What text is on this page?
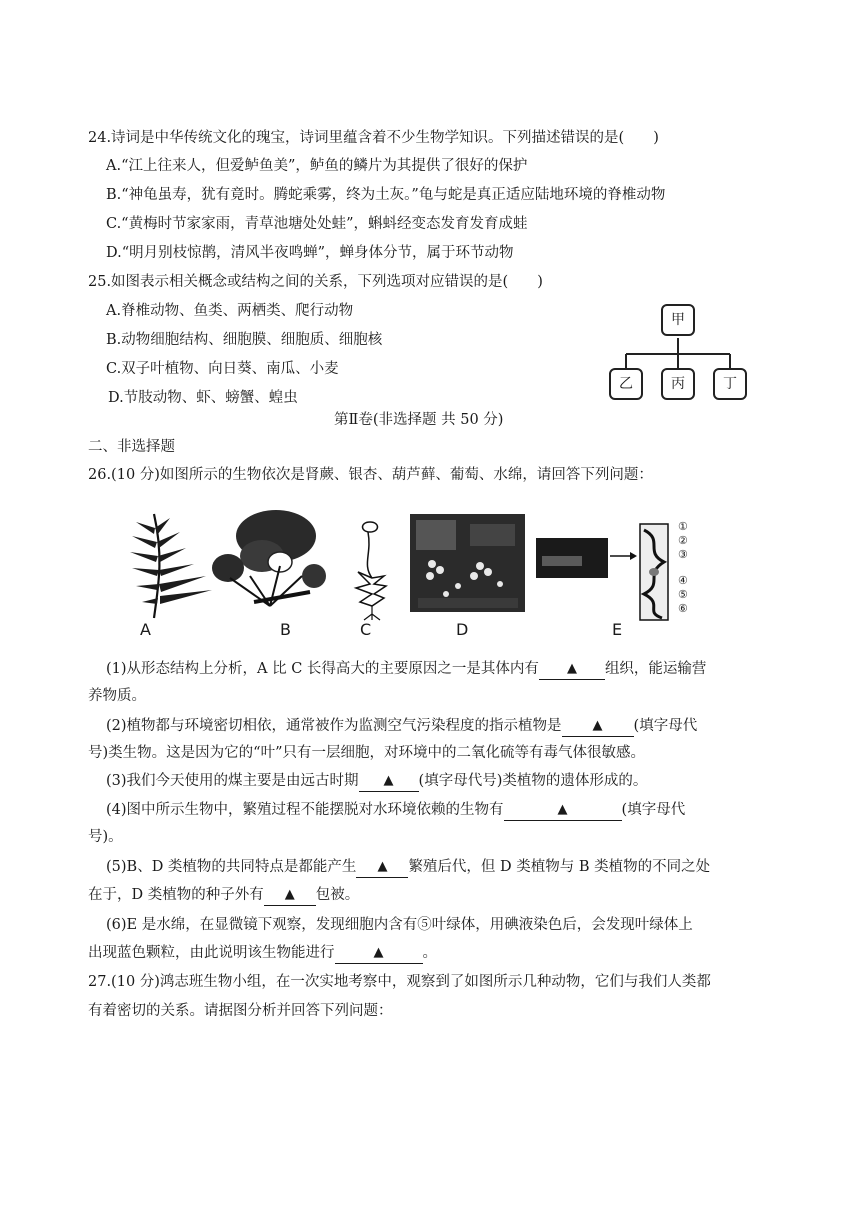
24.诗词是中华传统文化的瑰宝，诗词里蕴含着不少生物学知识。下列描述错误的是(　　)
A.“江上往来人，但爱鲈鱼美”，鲈鱼的鳞片为其提供了很好的保护
B.“神龟虽寿，犹有竟时。腾蛇乘雾，终为土灰。”龟与蛇是真正适应陆地环境的脊椎动物
C.“黄梅时节家家雨，青草池塘处处蛙”，蝌蚪经变态发育发育成蛙
D.“明月别枝惊鹊，清风半夜鸣蝉”，蝉身体分节，属于环节动物
25.如图表示相关概念或结构之间的关系，下列选项对应错误的是(　　)
A.脊椎动物、鱼类、两栖类、爬行动物
B.动物细胞结构、细胞膜、细胞质、细胞核
C.双子叶植物、向日葵、南瓜、小麦
D.节肢动物、虾、螃蟹、蝗虫
甲
乙	丙	丁
第Ⅱ卷(非选择题 共 50 分)
二、非选择题
26.(10 分)如图所示的生物依次是肾蕨、银杏、葫芦藓、葡萄、水绵，请回答下列问题：
A	B	C	D
①
②
③
④
⑤
⑥
E
(1)从形态结构上分析，A 比 C 长得高大的主要原因之一是其体内有 ▲ 组织，能运输营
养物质。
(2)植物都与环境密切相依，通常被作为监测空气污染程度的指示植物是 ▲ (填字母代
号)类生物。这是因为它的“叶”只有一层细胞，对环境中的二氧化硫等有毒气体很敏感。
(3)我们今天使用的煤主要是由远古时期 ▲ (填字母代号)类植物的遗体形成的。
(4)图中所示生物中，繁殖过程不能摆脱对水环境依赖的生物有	▲	(填字母代
号)。
(5)B、D 类植物的共同特点是都能产生 ▲ 繁殖后代，但 D 类植物与 B 类植物的不同之处
在于，D 类植物的种子外有 ▲ 包被。
(6)E 是水绵，在显微镜下观察，发现细胞内含有⑤叶绿体，用碘液染色后，会发现叶绿体上
出现蓝色颗粒，由此说明该生物能进行	▲	。
27.(10 分)鸿志班生物小组，在一次实地考察中，观察到了如图所示几种动物，它们与我们人类都
有着密切的关系。请据图分析并回答下列问题：
